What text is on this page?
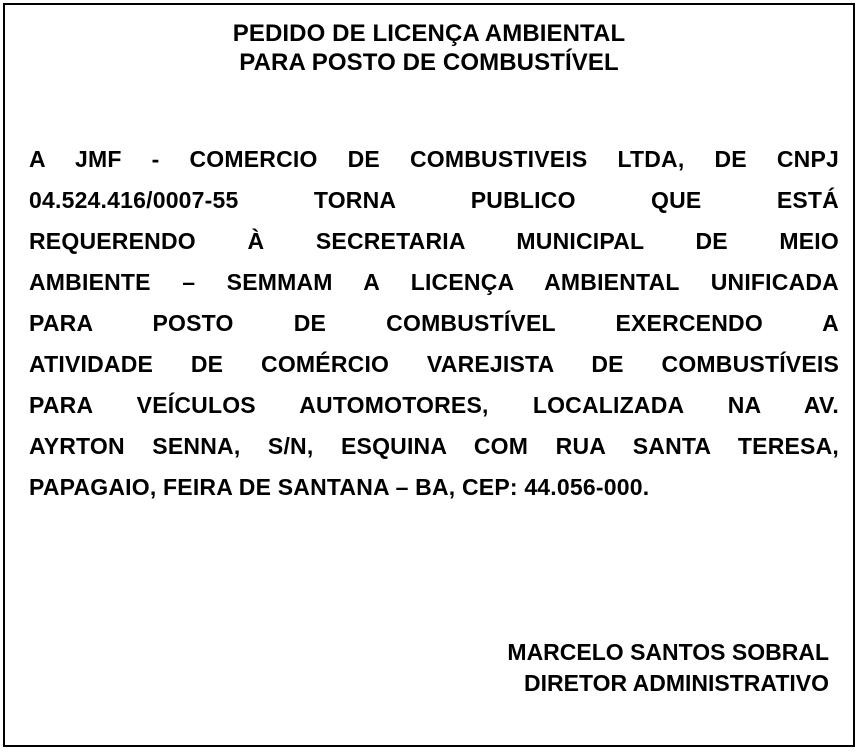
PEDIDO DE LICENÇA AMBIENTAL
PARA POSTO DE COMBUSTÍVEL
A JMF - COMERCIO DE COMBUSTIVEIS LTDA, DE CNPJ
04.524.416/0007-55 TORNA PUBLICO QUE ESTÁ
REQUERENDO À SECRETARIA MUNICIPAL DE MEIO
AMBIENTE – SEMMAM A LICENÇA AMBIENTAL UNIFICADA
PARA POSTO DE COMBUSTÍVEL EXERCENDO A
ATIVIDADE DE COMÉRCIO VAREJISTA DE COMBUSTÍVEIS
PARA VEÍCULOS AUTOMOTORES, LOCALIZADA NA AV.
AYRTON SENNA, S/N, ESQUINA COM RUA SANTA TERESA,
PAPAGAIO, FEIRA DE SANTANA – BA, CEP: 44.056-000.
MARCELO SANTOS SOBRAL
DIRETOR ADMINISTRATIVO
